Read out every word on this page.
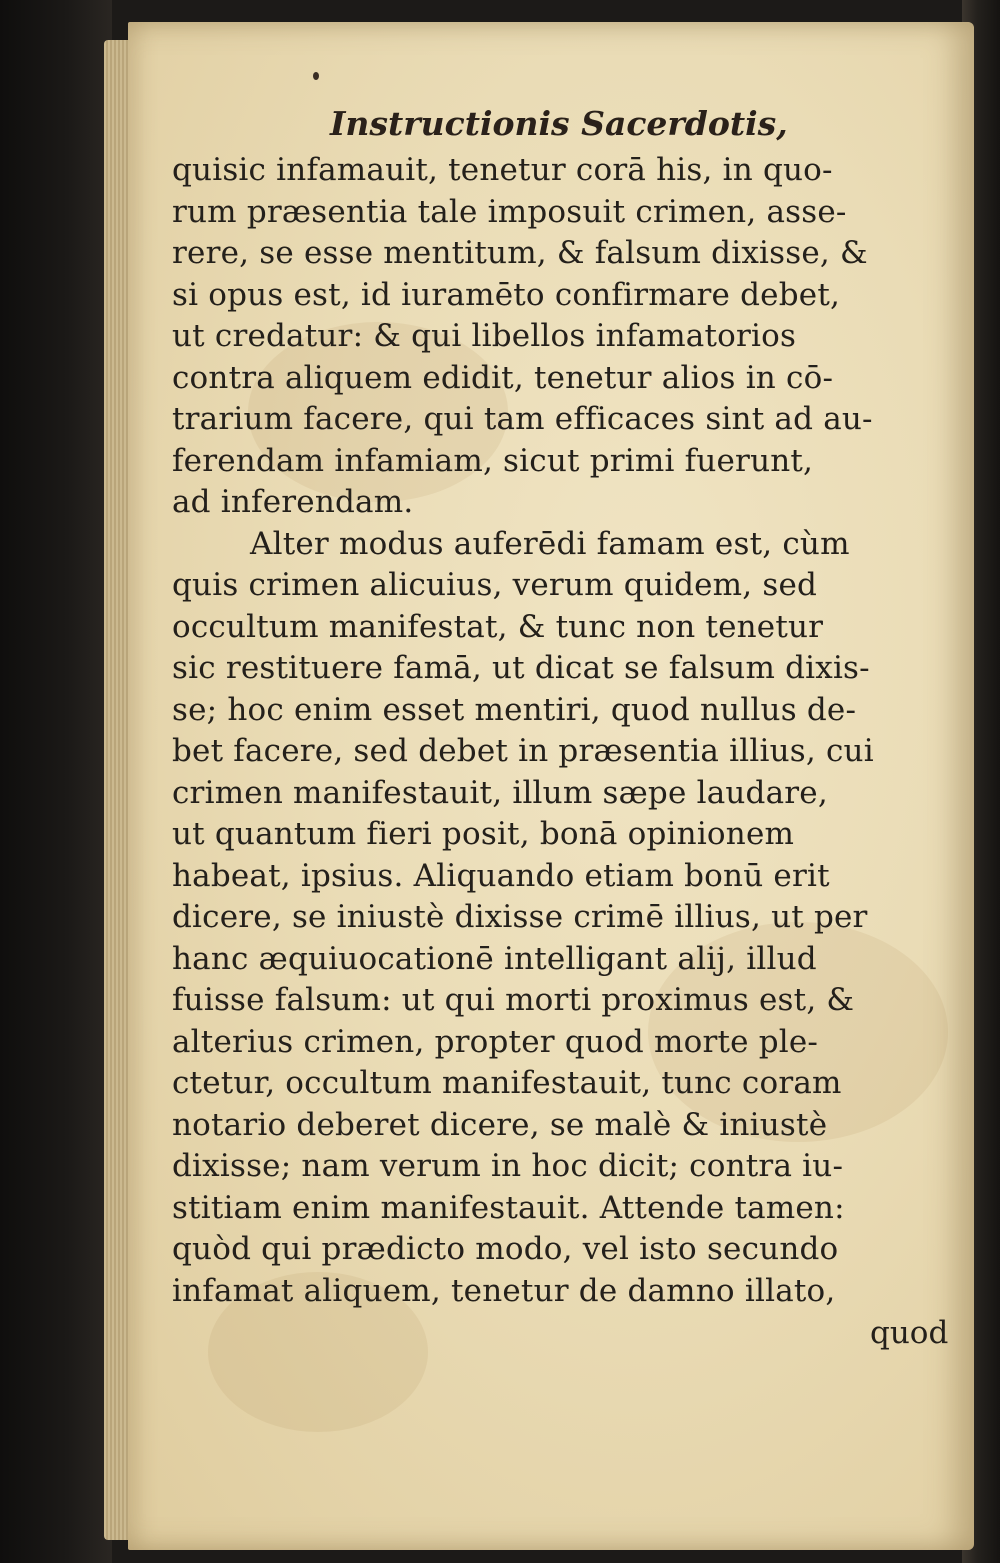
Instructionis Sacerdotis,
quisic infamauit, tenetur corā his, in quo-
rum præsentia tale imposuit crimen, asse-
rere, se esse mentitum, & falsum dixisse, &
si opus est, id iuramēto confirmare debet,
ut credatur: & qui libellos infamatorios
contra aliquem edidit, tenetur alios in cō-
trarium facere, qui tam efficaces sint ad au-
ferendam infamiam, sicut primi fuerunt,
ad inferendam.
Alter modus auferēdi famam est, cùm
quis crimen alicuius, verum quidem, sed
occultum manifestat, & tunc non tenetur
sic restituere famā, ut dicat se falsum dixis-
se; hoc enim esset mentiri, quod nullus de-
bet facere, sed debet in præsentia illius, cui
crimen manifestauit, illum sæpe laudare,
ut quantum fieri posit, bonā opinionem
habeat, ipsius. Aliquando etiam bonū erit
dicere, se iniustè dixisse crimē illius, ut per
hanc æquiuocationē intelligant alij, illud
fuisse falsum: ut qui morti proximus est, &
alterius crimen, propter quod morte ple-
ctetur, occultum manifestauit, tunc coram
notario deberet dicere, se malè & iniustè
dixisse; nam verum in hoc dicit; contra iu-
stitiam enim manifestauit. Attende tamen:
quòd qui prædicto modo, vel isto secundo
infamat aliquem, tenetur de damno illato,
quod
